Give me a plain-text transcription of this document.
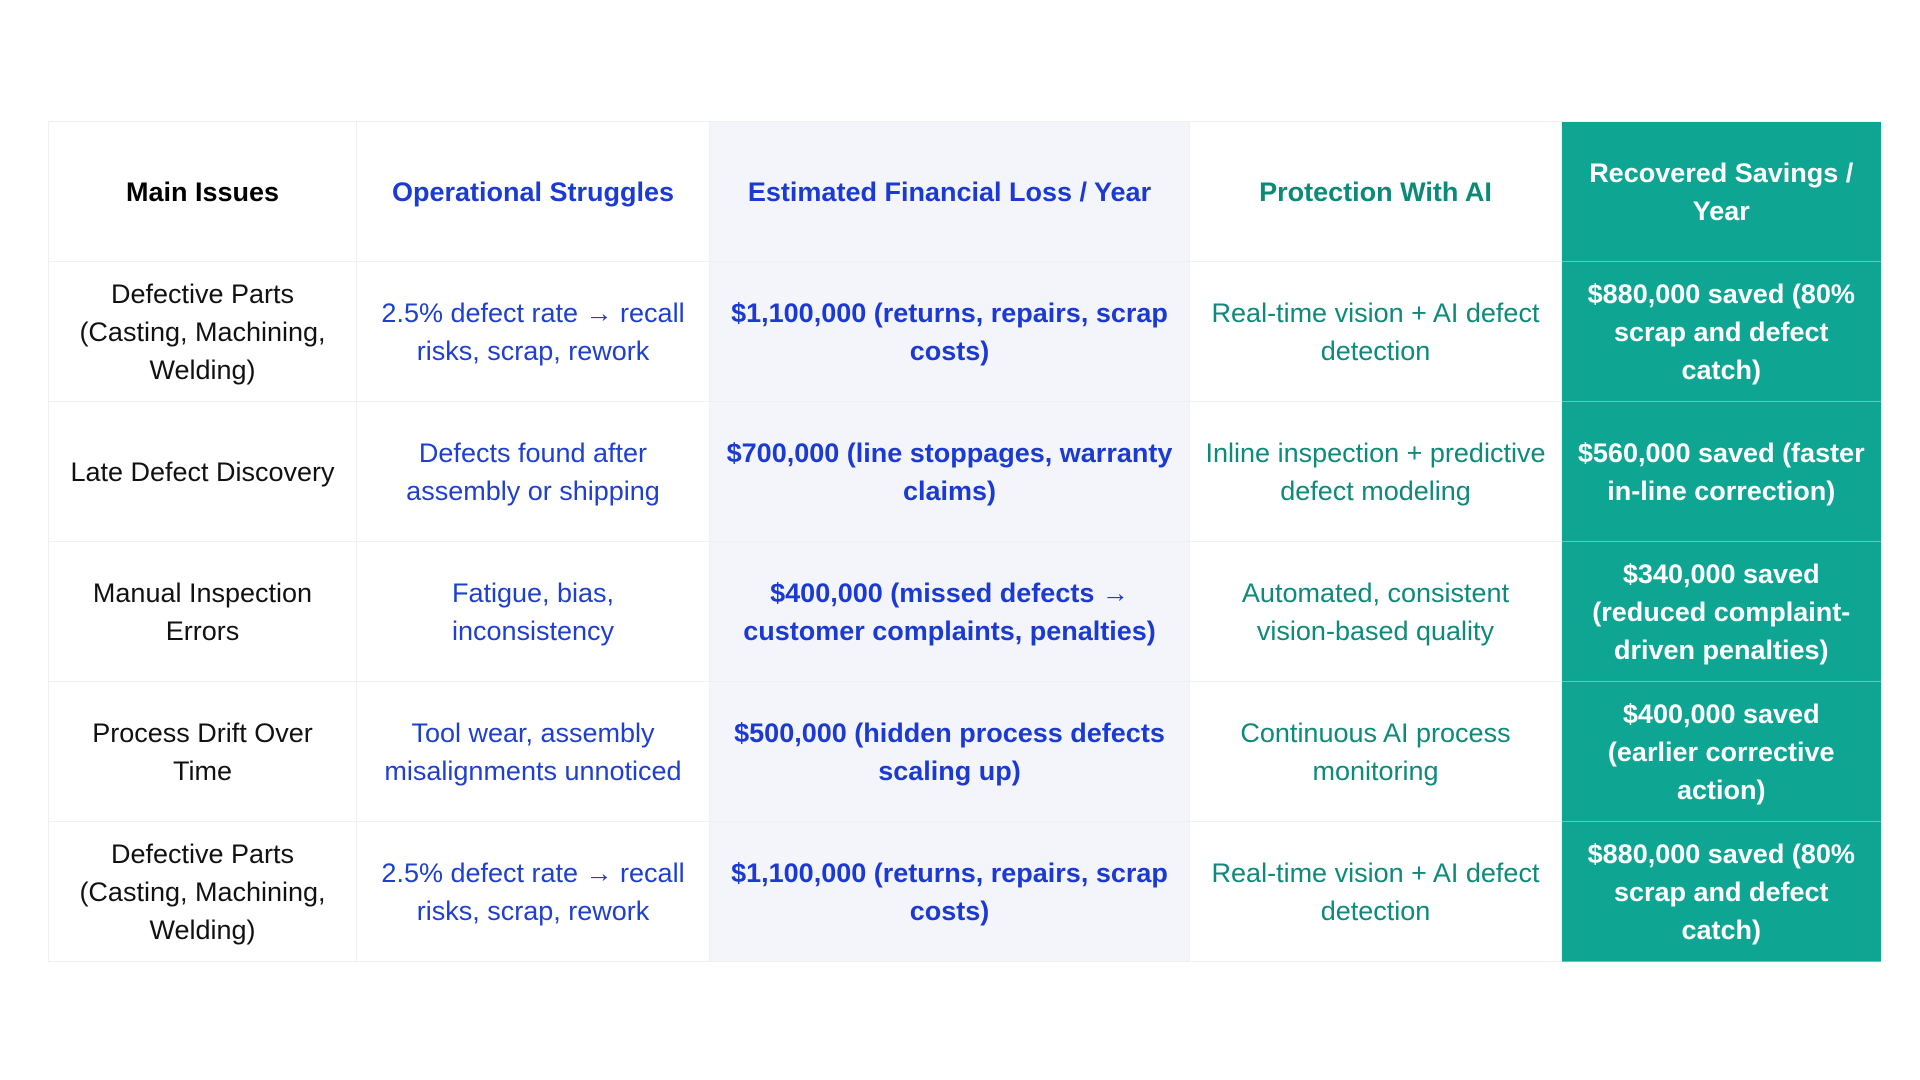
Main Issues	Operational Struggles	Estimated Financial Loss / Year	Protection With AI	Recovered Savings / Year
Defective Parts (Casting, Machining, Welding)	2.5% defect rate → recall risks, scrap, rework	$1,100,000 (returns, repairs, scrap costs)	Real-time vision + AI defect detection	$880,000 saved (80% scrap and defect catch)
Late Defect Discovery	Defects found after assembly or shipping	$700,000 (line stoppages, warranty claims)	Inline inspection + predictive defect modeling	$560,000 saved (faster in-line correction)
Manual Inspection Errors	Fatigue, bias, inconsistency	$400,000 (missed defects → customer complaints, penalties)	Automated, consistent vision-based quality	$340,000 saved (reduced complaint-driven penalties)
Process Drift Over Time	Tool wear, assembly misalignments unnoticed	$500,000 (hidden process defects scaling up)	Continuous AI process monitoring	$400,000 saved (earlier corrective action)
Defective Parts (Casting, Machining, Welding)	2.5% defect rate → recall risks, scrap, rework	$1,100,000 (returns, repairs, scrap costs)	Real-time vision + AI defect detection	$880,000 saved (80% scrap and defect catch)
